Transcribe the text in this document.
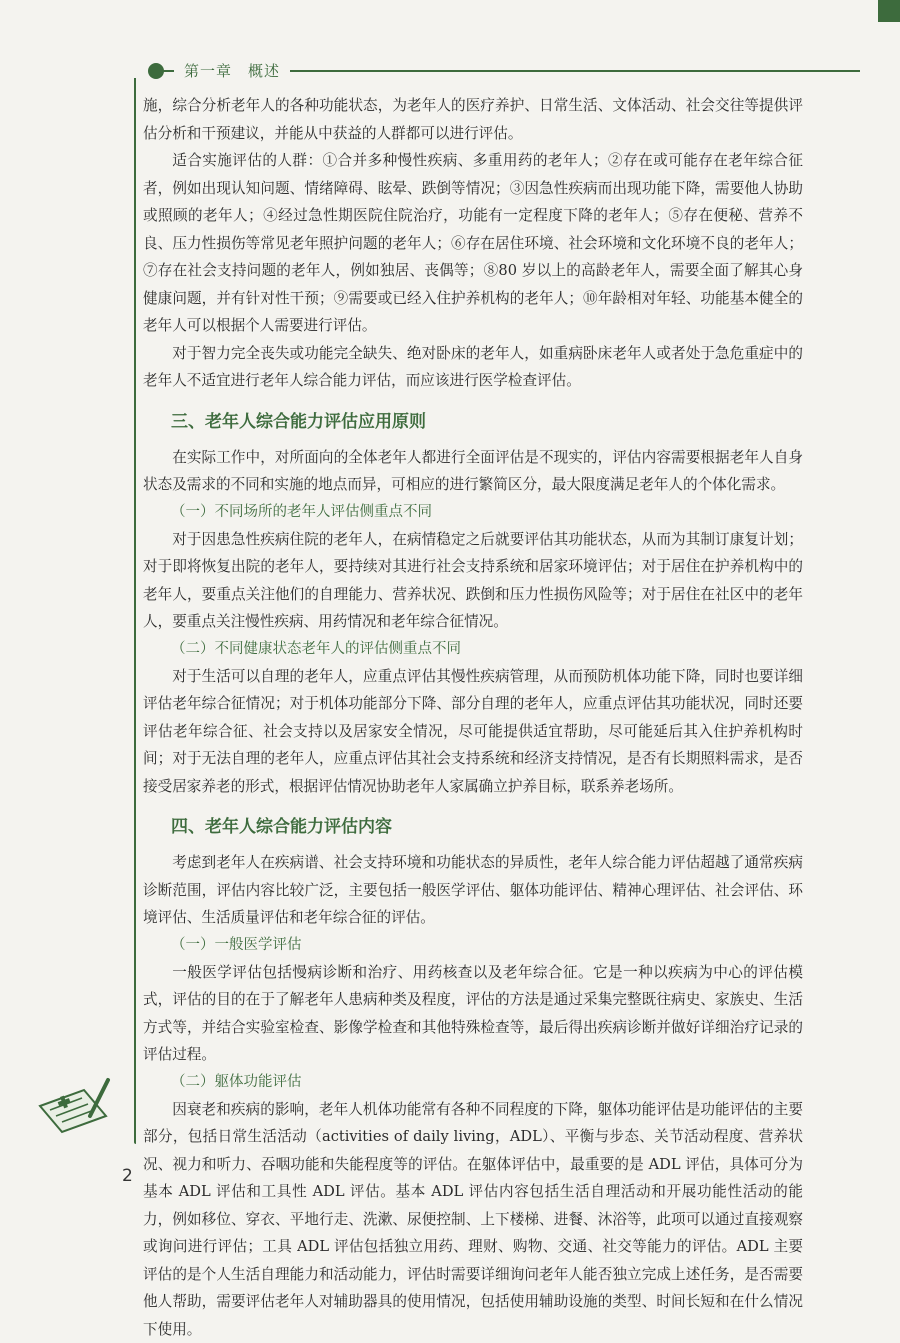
第一章　概述

施，综合分析老年人的各种功能状态，为老年人的医疗养护、日常生活、文体活动、社会交往等提供评估分析和干预建议，并能从中获益的人群都可以进行评估。

适合实施评估的人群：①合并多种慢性疾病、多重用药的老年人；②存在或可能存在老年综合征者，例如出现认知问题、情绪障碍、眩晕、跌倒等情况；③因急性疾病而出现功能下降，需要他人协助或照顾的老年人；④经过急性期医院住院治疗，功能有一定程度下降的老年人；⑤存在便秘、营养不良、压力性损伤等常见老年照护问题的老年人；⑥存在居住环境、社会环境和文化环境不良的老年人；⑦存在社会支持问题的老年人，例如独居、丧偶等；⑧80 岁以上的高龄老年人，需要全面了解其心身健康问题，并有针对性干预；⑨需要或已经入住护养机构的老年人；⑩年龄相对年轻、功能基本健全的老年人可以根据个人需要进行评估。

对于智力完全丧失或功能完全缺失、绝对卧床的老年人，如重病卧床老年人或者处于急危重症中的老年人不适宜进行老年人综合能力评估，而应该进行医学检查评估。

三、老年人综合能力评估应用原则

在实际工作中，对所面向的全体老年人都进行全面评估是不现实的，评估内容需要根据老年人自身状态及需求的不同和实施的地点而异，可相应的进行繁简区分，最大限度满足老年人的个体化需求。

（一）不同场所的老年人评估侧重点不同

对于因患急性疾病住院的老年人，在病情稳定之后就要评估其功能状态，从而为其制订康复计划；对于即将恢复出院的老年人，要持续对其进行社会支持系统和居家环境评估；对于居住在护养机构中的老年人，要重点关注他们的自理能力、营养状况、跌倒和压力性损伤风险等；对于居住在社区中的老年人，要重点关注慢性疾病、用药情况和老年综合征情况。

（二）不同健康状态老年人的评估侧重点不同

对于生活可以自理的老年人，应重点评估其慢性疾病管理，从而预防机体功能下降，同时也要详细评估老年综合征情况；对于机体功能部分下降、部分自理的老年人，应重点评估其功能状况，同时还要评估老年综合征、社会支持以及居家安全情况，尽可能提供适宜帮助，尽可能延后其入住护养机构时间；对于无法自理的老年人，应重点评估其社会支持系统和经济支持情况，是否有长期照料需求，是否接受居家养老的形式，根据评估情况协助老年人家属确立护养目标，联系养老场所。

四、老年人综合能力评估内容

考虑到老年人在疾病谱、社会支持环境和功能状态的异质性，老年人综合能力评估超越了通常疾病诊断范围，评估内容比较广泛，主要包括一般医学评估、躯体功能评估、精神心理评估、社会评估、环境评估、生活质量评估和老年综合征的评估。

（一）一般医学评估

一般医学评估包括慢病诊断和治疗、用药核查以及老年综合征。它是一种以疾病为中心的评估模式，评估的目的在于了解老年人患病种类及程度，评估的方法是通过采集完整既往病史、家族史、生活方式等，并结合实验室检查、影像学检查和其他特殊检查等，最后得出疾病诊断并做好详细治疗记录的评估过程。

（二）躯体功能评估

因衰老和疾病的影响，老年人机体功能常有各种不同程度的下降，躯体功能评估是功能评估的主要部分，包括日常生活活动（activities of daily living，ADL）、平衡与步态、关节活动程度、营养状况、视力和听力、吞咽功能和失能程度等的评估。在躯体评估中，最重要的是 ADL 评估，具体可分为基本 ADL 评估和工具性 ADL 评估。基本 ADL 评估内容包括生活自理活动和开展功能性活动的能力，例如移位、穿衣、平地行走、洗漱、尿便控制、上下楼梯、进餐、沐浴等，此项可以通过直接观察或询问进行评估；工具 ADL 评估包括独立用药、理财、购物、交通、社交等能力的评估。ADL 主要评估的是个人生活自理能力和活动能力，评估时需要详细询问老年人能否独立完成上述任务，是否需要他人帮助，需要评估老年人对辅助器具的使用情况，包括使用辅助设施的类型、时间长短和在什么情况下使用。

2
